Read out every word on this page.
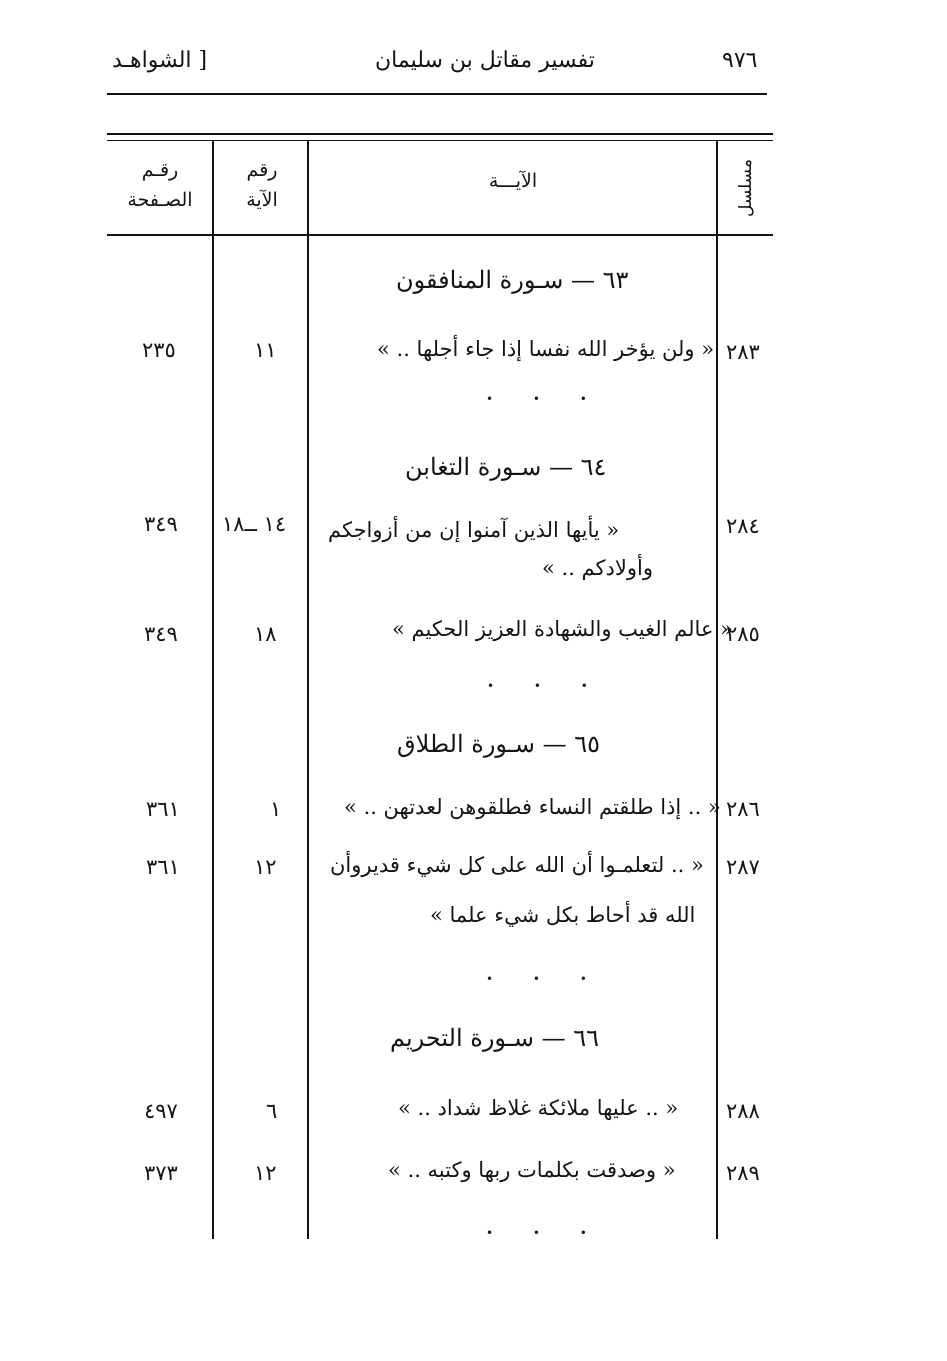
٩٧٦
تفسير مقاتل بن سليمان
[ الشواهـد
رقـم
الصـفحة
رقم
الآية
الآيـــة	مسلسل
٦٣ — سـورة المنافقون
٢٨٣
« ولن يؤخر الله نفسا إذا جاء أجلها .. »
١١
٢٣٥
• • •
٦٤ — سـورة التغابن
٢٨٤
« يأيها الذين آمنوا إن من أزواجكم
وأولادكم .. »
١٤ ــ١٨
٣٤٩
٢٨٥
« عالم الغيب والشهادة العزيز الحكيم »
١٨
٣٤٩
• • •
٦٥ — سـورة الطلاق
٢٨٦
« .. إذا طلقتم النساء فطلقوهن لعدتهن .. »
١
٣٦١
٢٨٧
« .. لتعلمـوا أن الله على كل شيء قديروأن
الله قد أحاط بكل شيء علما »
١٢
٣٦١
• • •
٦٦ — سـورة التحريم
٢٨٨
« .. عليها ملائكة غلاظ شداد .. »
٦
٤٩٧
٢٨٩
« وصدقت بكلمات ربها وكتبه .. »
١٢
٣٧٣
• • •
